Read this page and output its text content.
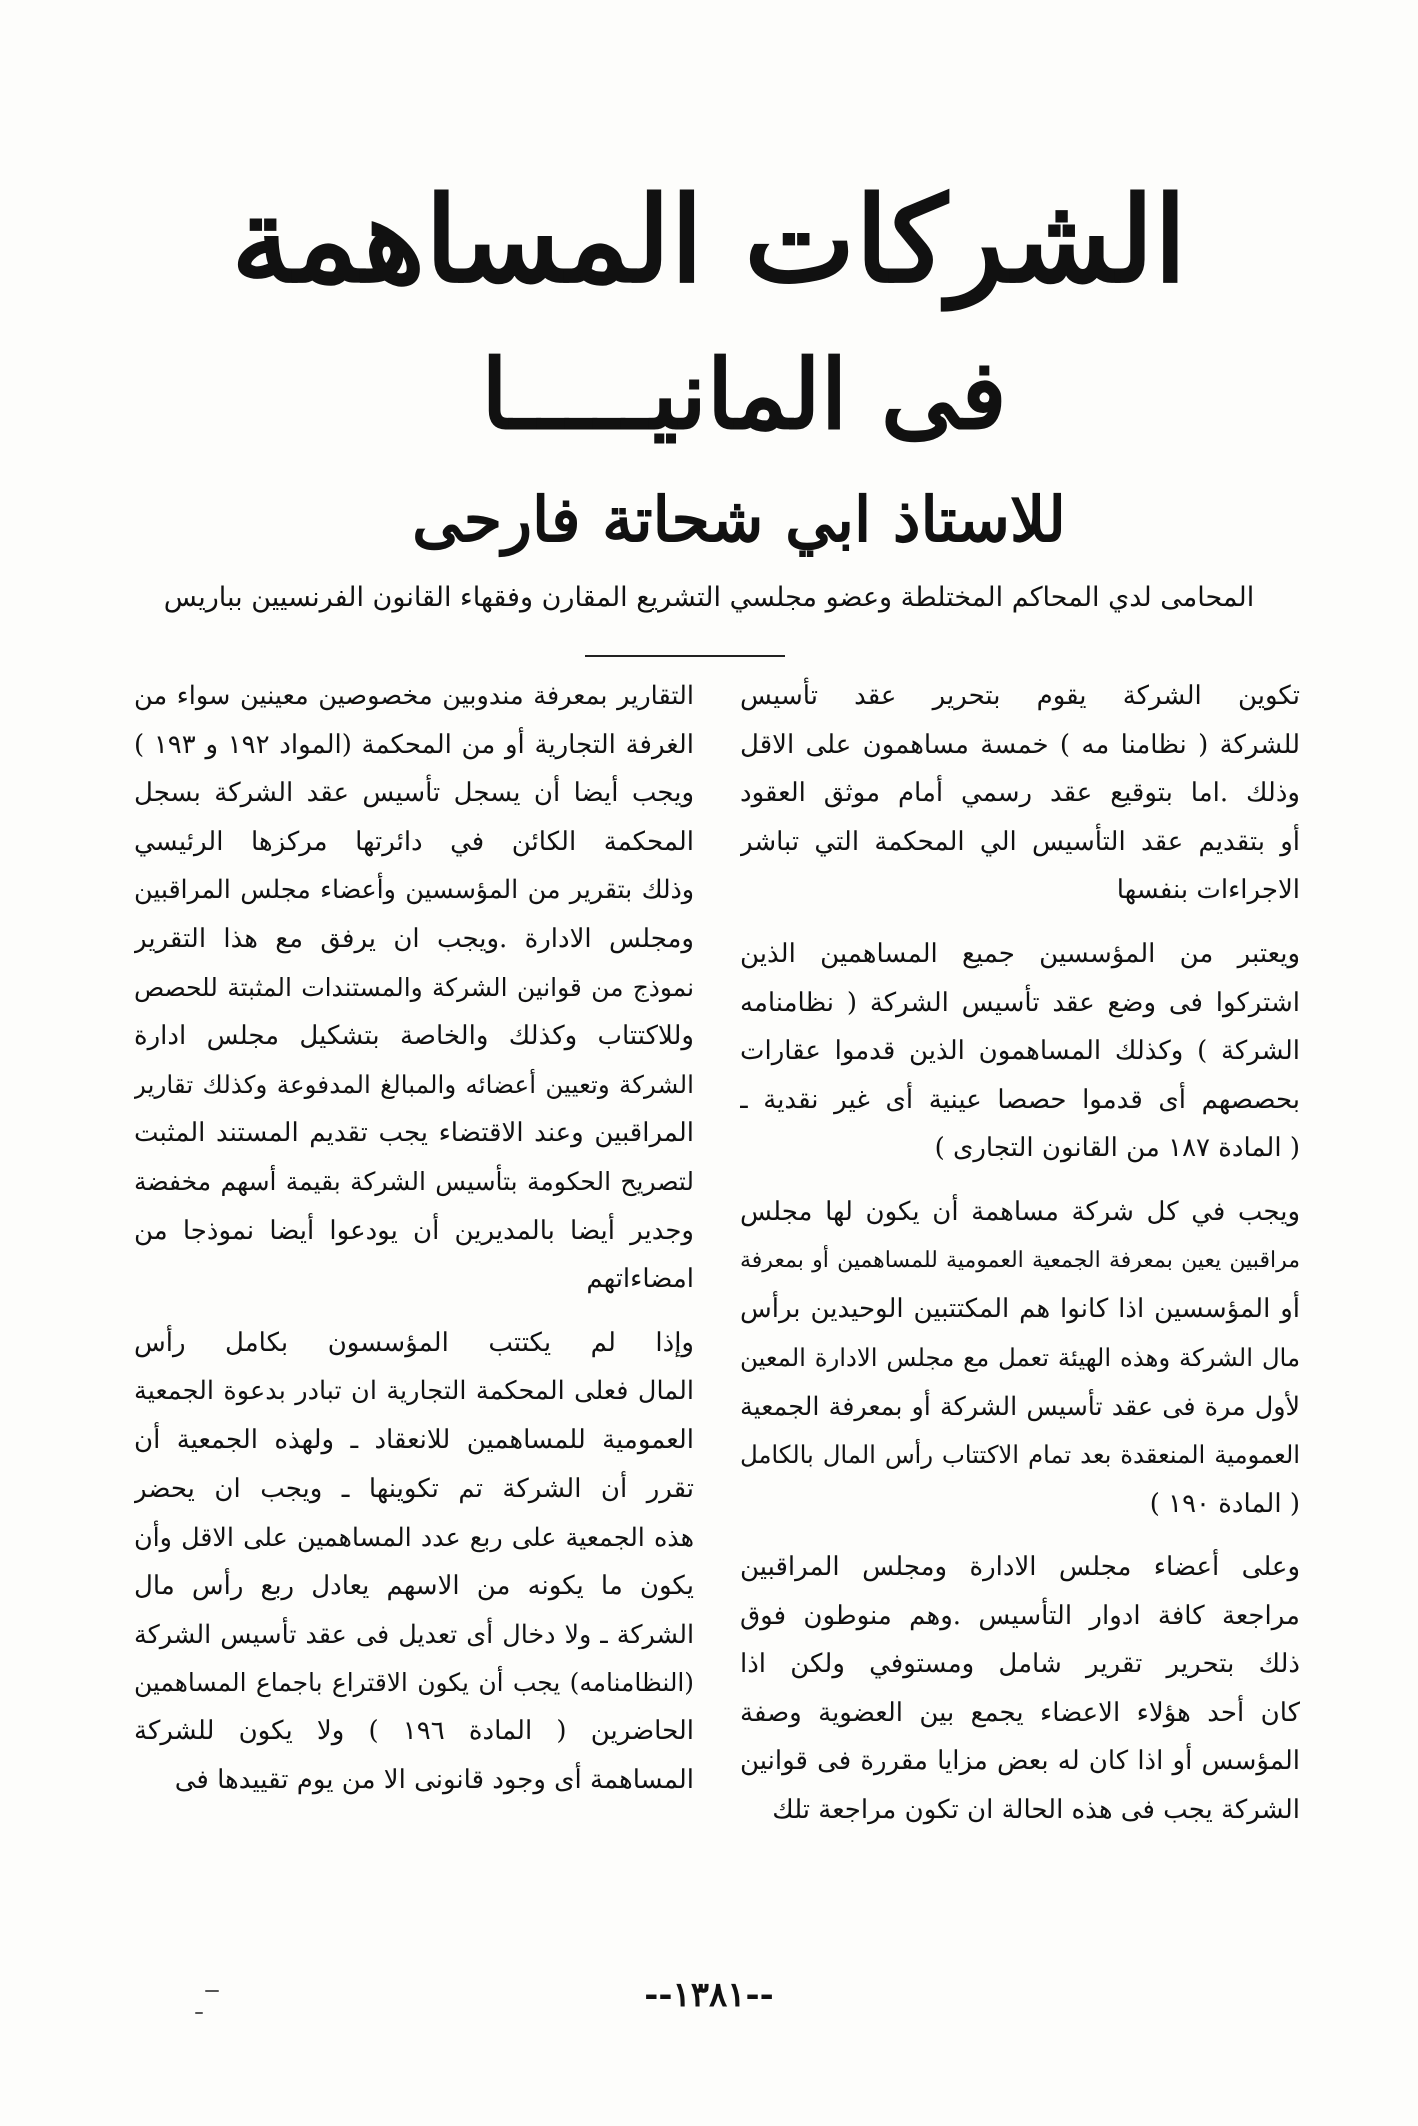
الشركات المساهمة
فى المانيـــــا
للاستاذ ابي شحاتة فارحى
المحامى لدي المحاكم المختلطة وعضو مجلسي التشريع المقارن وفقهاء القانون الفرنسيين بباريس

تكوين الشركة يقوم بتحرير عقد تأسيس
للشركة ( نظامنا مه ) خمسة مساهمون على الاقل
وذلك .اما بتوقيع عقد رسمي أمام موثق العقود
أو بتقديم عقد التأسيس الي المحكمة التي تباشر
الاجراءات بنفسها

ويعتبر من المؤسسين جميع المساهمين الذين
اشتركوا فى وضع عقد تأسيس الشركة ( نظامنامه
الشركة ) وكذلك المساهمون الذين قدموا عقارات
بحصصهم أى قدموا حصصا عينية أى غير نقدية ـ
( المادة ١٨٧ من القانون التجارى )

ويجب في كل شركة مساهمة أن يكون لها مجلس
مراقبين يعين بمعرفة الجمعية العمومية للمساهمين أو بمعرفة
أو المؤسسين اذا كانوا هم المكتتبين الوحيدين برأس
مال الشركة وهذه الهيئة تعمل مع مجلس الادارة المعين
لأول مرة فى عقد تأسيس الشركة أو بمعرفة الجمعية
العمومية المنعقدة بعد تمام الاكتتاب رأس المال بالكامل
( المادة ١٩٠ )

وعلى أعضاء مجلس الادارة ومجلس المراقبين
مراجعة كافة ادوار التأسيس .وهم منوطون فوق
ذلك بتحرير تقرير شامل ومستوفي ولكن اذا
كان أحد هؤلاء الاعضاء يجمع بين العضوية وصفة
المؤسس أو اذا كان له بعض مزايا مقررة فى قوانين
الشركة يجب فى هذه الحالة ان تكون مراجعة تلك

التقارير بمعرفة مندوبين مخصوصين معينين سواء من
الغرفة التجارية أو من المحكمة (المواد ١٩٢ و ١٩٣ )
ويجب أيضا أن يسجل تأسيس عقد الشركة بسجل
المحكمة الكائن في دائرتها مركزها الرئيسي
وذلك بتقرير من المؤسسين وأعضاء مجلس المراقبين
ومجلس الادارة .ويجب ان يرفق مع هذا التقرير
نموذج من قوانين الشركة والمستندات المثبتة للحصص
وللاكتتاب وكذلك والخاصة بتشكيل مجلس ادارة
الشركة وتعيين أعضائه والمبالغ المدفوعة وكذلك تقارير
المراقبين وعند الاقتضاء يجب تقديم المستند المثبت
لتصريح الحكومة بتأسيس الشركة بقيمة أسهم مخفضة
وجدير أيضا بالمديرين أن يودعوا أيضا نموذجا من
امضاءاتهم

وإذا لم يكتتب المؤسسون بكامل رأس
المال فعلى المحكمة التجارية ان تبادر بدعوة الجمعية
العمومية للمساهمين للانعقاد ـ ولهذه الجمعية أن
تقرر أن الشركة تم تكوينها ـ ويجب ان يحضر
هذه الجمعية على ربع عدد المساهمين على الاقل وأن
يكون ما يكونه من الاسهم يعادل ربع رأس مال
الشركة ـ ولا دخال أى تعديل فى عقد تأسيس الشركة
(النظامنامه) يجب أن يكون الاقتراع باجماع المساهمين
الحاضرين ( المادة ١٩٦ ) ولا يكون للشركة
المساهمة أى وجود قانونى الا من يوم تقييدها فى

--١٣٨١--
